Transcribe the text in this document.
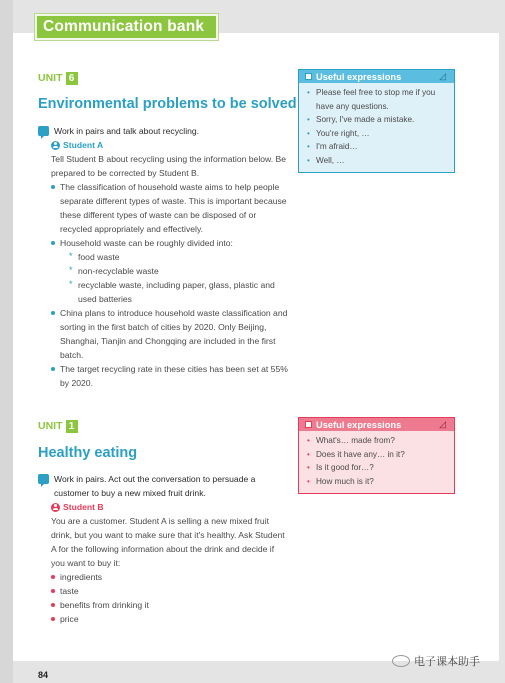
Communication bank
UNIT 6
Environmental problems to be solved
Work in pairs and talk about recycling.
Student A
Tell Student B about recycling using the information below. Be prepared to be corrected by Student B.
The classification of household waste aims to help people separate different types of waste. This is important because these different types of waste can be disposed of or recycled appropriately and effectively.
Household waste can be roughly divided into:
* food waste
* non-recyclable waste
* recyclable waste, including paper, glass, plastic and used batteries
China plans to introduce household waste classification and sorting in the first batch of cities by 2020. Only Beijing, Shanghai, Tianjin and Chongqing are included in the first batch.
The target recycling rate in these cities has been set at 55% by 2020.
Useful expressions	◿
• Please feel free to stop me if you have any questions.
• Sorry, I've made a mistake.
• You're right, …
• I'm afraid…
• Well, …
UNIT 1
Healthy eating
Work in pairs. Act out the conversation to persuade a customer to buy a new mixed fruit drink.
Student B
You are a customer. Student A is selling a new mixed fruit drink, but you want to make sure that it's healthy. Ask Student A for the following information about the drink and decide if you want to buy it:
ingredients
taste
benefits from drinking it
price
Useful expressions	◿
• What's… made from?
• Does it have any… in it?
• Is it good for…?
• How much is it?
84
电子课本助手
